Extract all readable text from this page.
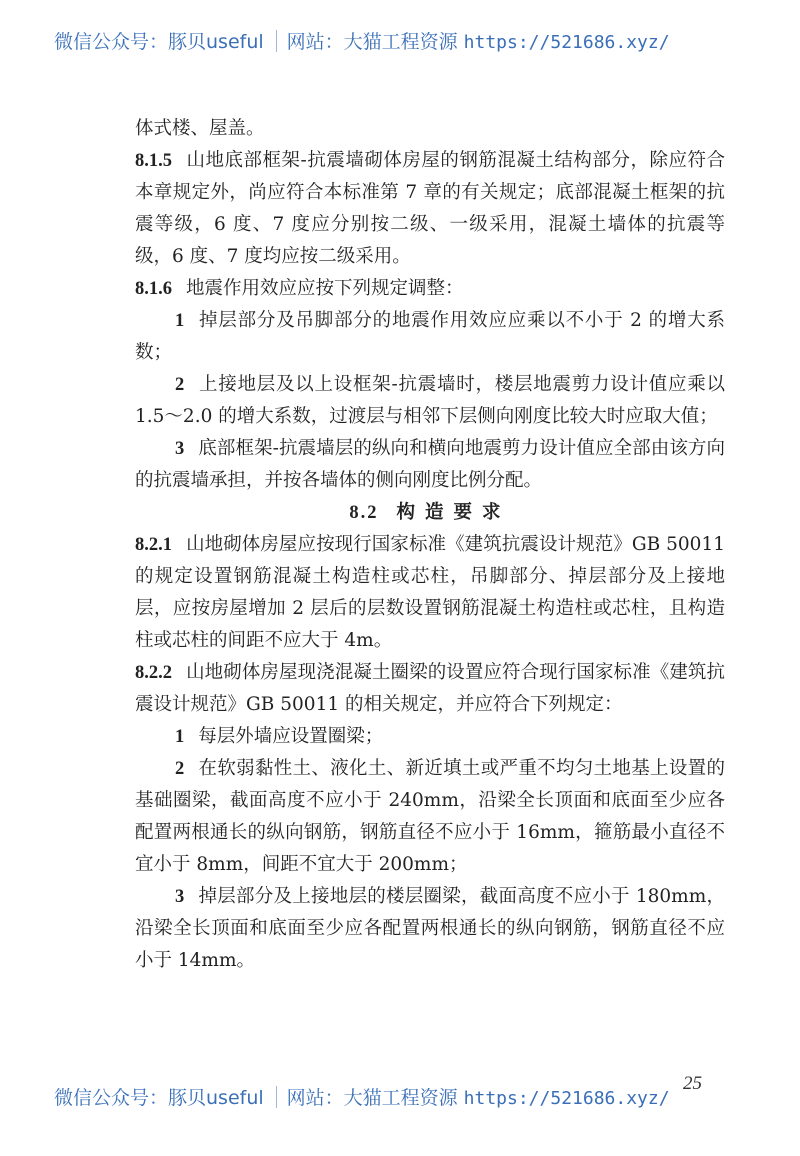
微信公众号：豚贝useful 网站：大猫工程资源 https://521686.xyz/

体式楼、屋盖。

8.1.5 山地底部框架-抗震墙砌体房屋的钢筋混凝土结构部分，除应符合本章规定外，尚应符合本标准第 7 章的有关规定；底部混凝土框架的抗震等级，6 度、7 度应分别按二级、一级采用，混凝土墙体的抗震等级，6 度、7 度均应按二级采用。

8.1.6 地震作用效应应按下列规定调整：

1 掉层部分及吊脚部分的地震作用效应应乘以不小于 2 的增大系数；

2 上接地层及以上设框架-抗震墙时，楼层地震剪力设计值应乘以 1.5～2.0 的增大系数，过渡层与相邻下层侧向刚度比较大时应取大值；

3 底部框架-抗震墙层的纵向和横向地震剪力设计值应全部由该方向的抗震墙承担，并按各墙体的侧向刚度比例分配。

8.2 构造要求

8.2.1 山地砌体房屋应按现行国家标准《建筑抗震设计规范》GB 50011 的规定设置钢筋混凝土构造柱或芯柱，吊脚部分、掉层部分及上接地层，应按房屋增加 2 层后的层数设置钢筋混凝土构造柱或芯柱，且构造柱或芯柱的间距不应大于 4m。

8.2.2 山地砌体房屋现浇混凝土圈梁的设置应符合现行国家标准《建筑抗震设计规范》GB 50011 的相关规定，并应符合下列规定：

1 每层外墙应设置圈梁；

2 在软弱黏性土、液化土、新近填土或严重不均匀土地基上设置的基础圈梁，截面高度不应小于 240mm，沿梁全长顶面和底面至少应各配置两根通长的纵向钢筋，钢筋直径不应小于 16mm，箍筋最小直径不宜小于 8mm，间距不宜大于 200mm；

3 掉层部分及上接地层的楼层圈梁，截面高度不应小于 180mm，沿梁全长顶面和底面至少应各配置两根通长的纵向钢筋，钢筋直径不应小于 14mm。

25
微信公众号：豚贝useful 网站：大猫工程资源 https://521686.xyz/
